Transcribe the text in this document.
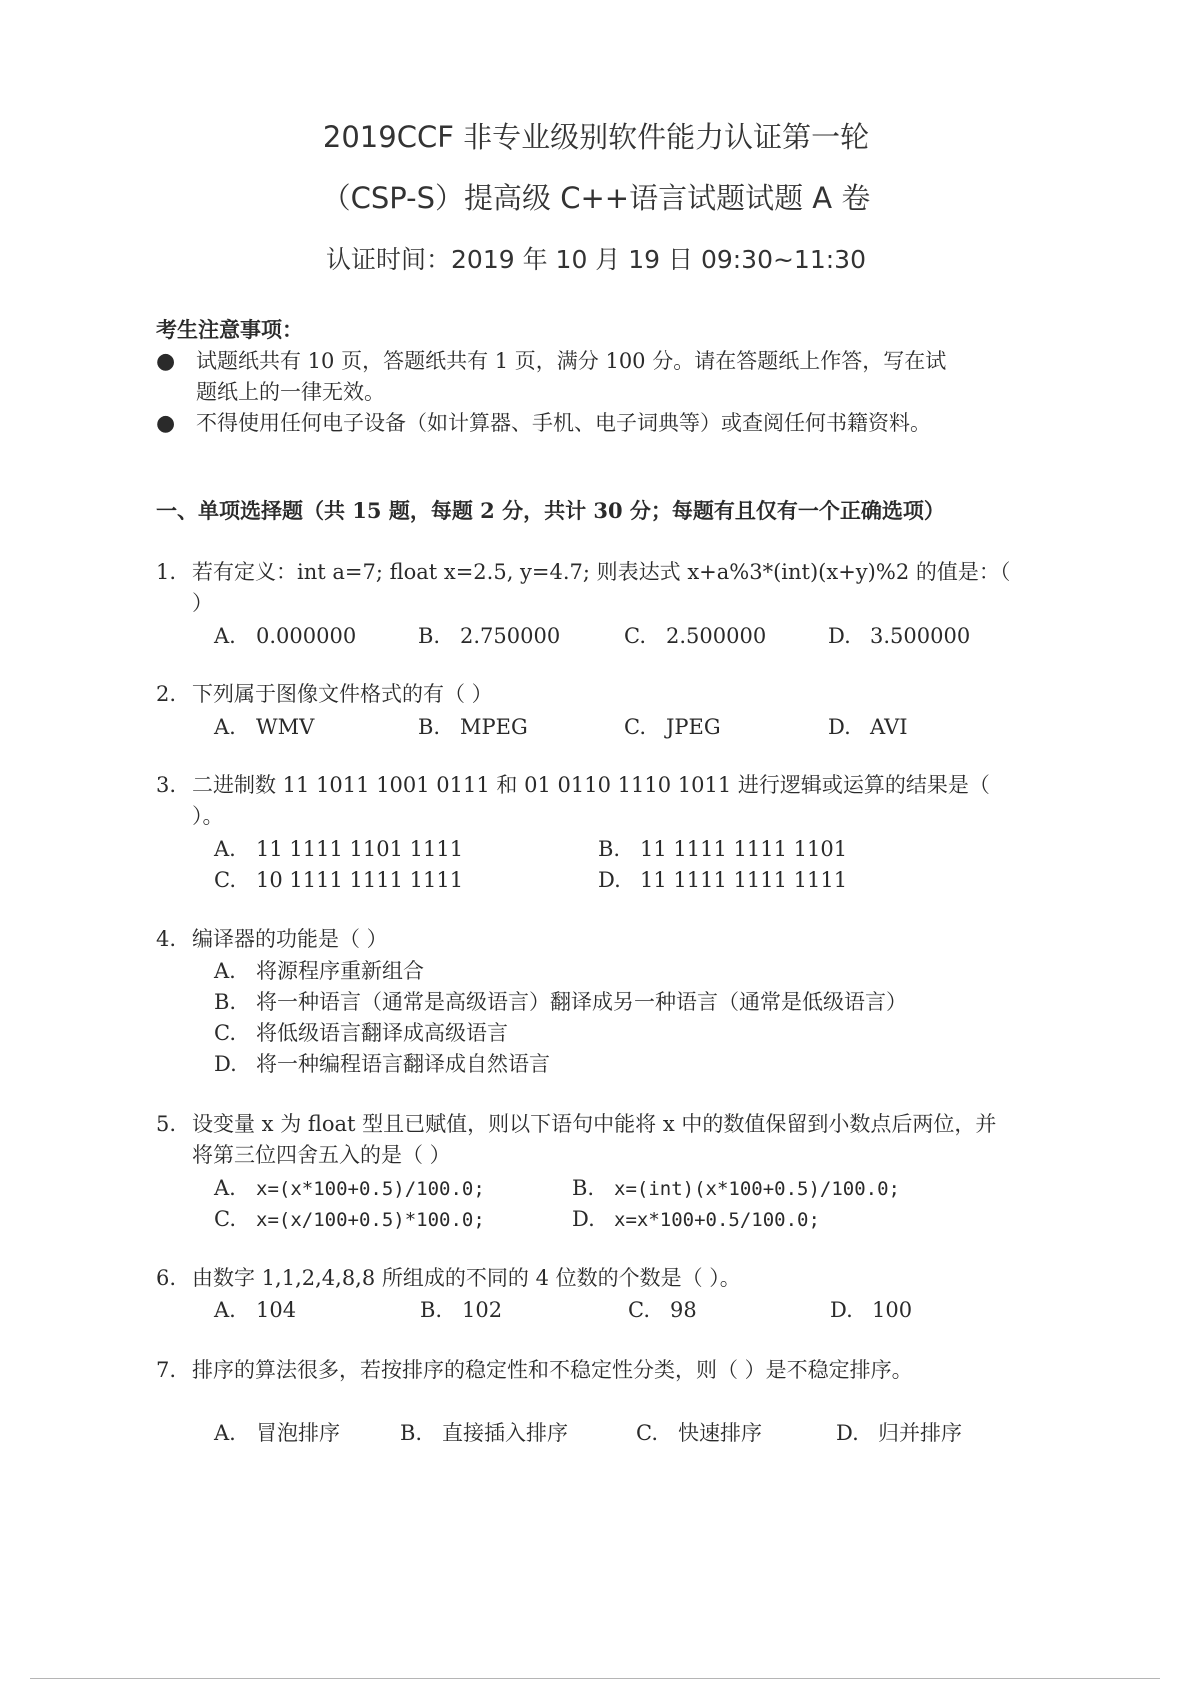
2019CCF 非专业级别软件能力认证第一轮
（CSP-S）提高级 C++语言试题试题 A 卷
认证时间：2019 年 10 月 19 日 09:30~11:30
考生注意事项：
● 试题纸共有 10 页，答题纸共有 1 页，满分 100 分。请在答题纸上作答，写在试题纸上的一律无效。
● 不得使用任何电子设备（如计算器、手机、电子词典等）或查阅任何书籍资料。
一、单项选择题（共 15 题，每题 2 分，共计 30 分；每题有且仅有一个正确选项）
1. 若有定义：int a=7; float x=2.5, y=4.7; 则表达式 x+a%3*(int)(x+y)%2 的值是：（ ）
A. 0.000000	B. 2.750000	C. 2.500000	D. 3.500000
2. 下列属于图像文件格式的有（ ）
A. WMV	B. MPEG	C. JPEG	D. AVI
3. 二进制数 11 1011 1001 0111 和 01 0110 1110 1011 进行逻辑或运算的结果是（ ）。
A. 11 1111 1101 1111	B. 11 1111 1111 1101
C. 10 1111 1111 1111	D. 11 1111 1111 1111
4. 编译器的功能是（ ）
A. 将源程序重新组合
B. 将一种语言（通常是高级语言）翻译成另一种语言（通常是低级语言）
C. 将低级语言翻译成高级语言
D. 将一种编程语言翻译成自然语言
5. 设变量 x 为 float 型且已赋值，则以下语句中能将 x 中的数值保留到小数点后两位，并将第三位四舍五入的是（ ）
A. x=(x*100+0.5)/100.0;	B. x=(int)(x*100+0.5)/100.0;
C. x=(x/100+0.5)*100.0;	D. x=x*100+0.5/100.0;
6. 由数字 1,1,2,4,8,8 所组成的不同的 4 位数的个数是（ ）。
A. 104	B. 102	C. 98	D. 100
7. 排序的算法很多，若按排序的稳定性和不稳定性分类，则（ ）是不稳定排序。
A. 冒泡排序	B. 直接插入排序	C. 快速排序	D. 归并排序
